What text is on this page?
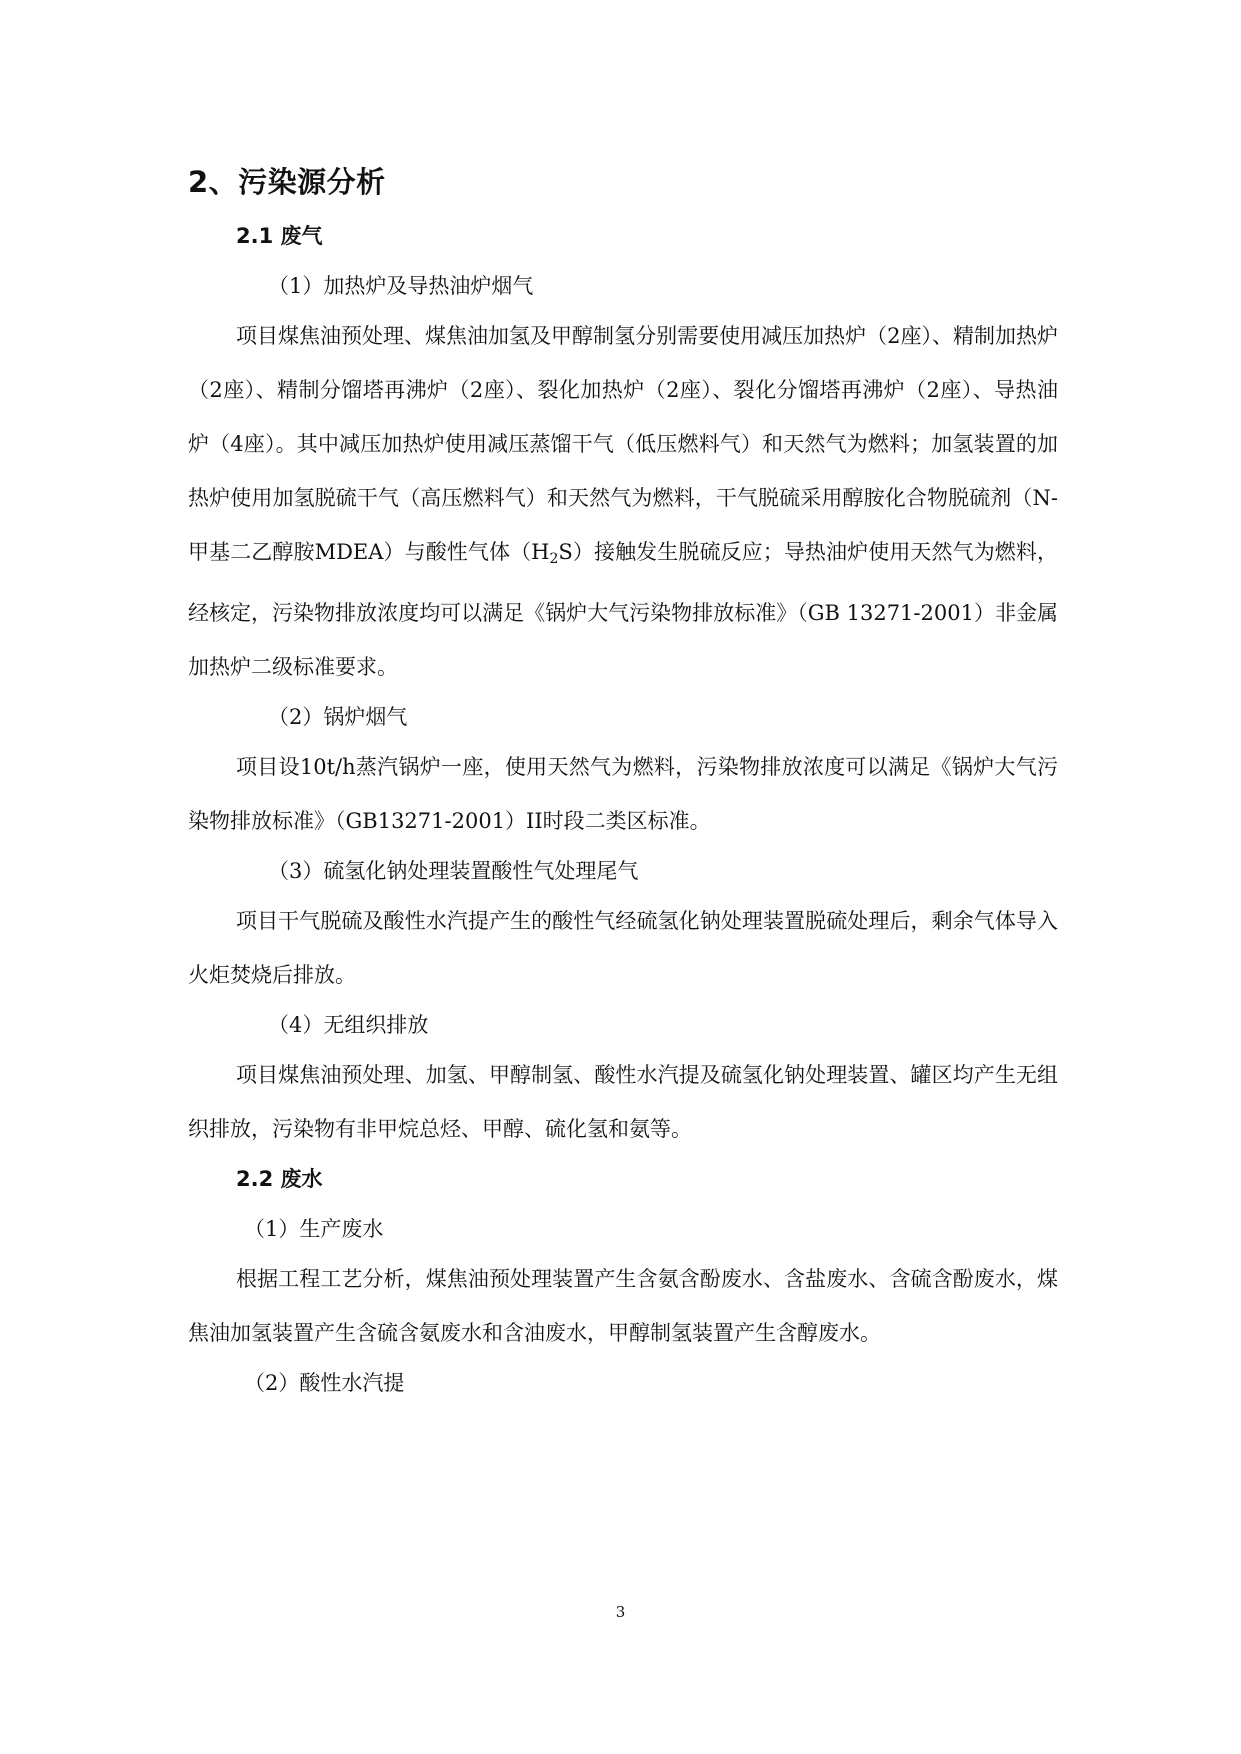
2、污染源分析
2.1 废气
（1）加热炉及导热油炉烟气

项目煤焦油预处理、煤焦油加氢及甲醇制氢分别需要使用减压加热炉（2座）、精制加热炉（2座）、精制分馏塔再沸炉（2座）、裂化加热炉（2座）、裂化分馏塔再沸炉（2座）、导热油炉（4座）。其中减压加热炉使用减压蒸馏干气（低压燃料气）和天然气为燃料；加氢装置的加热炉使用加氢脱硫干气（高压燃料气）和天然气为燃料，干气脱硫采用醇胺化合物脱硫剂（N-甲基二乙醇胺MDEA）与酸性气体（H2S）接触发生脱硫反应；导热油炉使用天然气为燃料，经核定，污染物排放浓度均可以满足《锅炉大气污染物排放标准》（GB 13271-2001）非金属加热炉二级标准要求。

（2）锅炉烟气

项目设10t/h蒸汽锅炉一座，使用天然气为燃料，污染物排放浓度可以满足《锅炉大气污染物排放标准》（GB13271-2001）II时段二类区标准。

（3）硫氢化钠处理装置酸性气处理尾气

项目干气脱硫及酸性水汽提产生的酸性气经硫氢化钠处理装置脱硫处理后，剩余气体导入火炬焚烧后排放。

（4）无组织排放

项目煤焦油预处理、加氢、甲醇制氢、酸性水汽提及硫氢化钠处理装置、罐区均产生无组织排放，污染物有非甲烷总烃、甲醇、硫化氢和氨等。

2.2 废水
（1）生产废水

根据工程工艺分析，煤焦油预处理装置产生含氨含酚废水、含盐废水、含硫含酚废水，煤焦油加氢装置产生含硫含氨废水和含油废水，甲醇制氢装置产生含醇废水。

（2）酸性水汽提
3
